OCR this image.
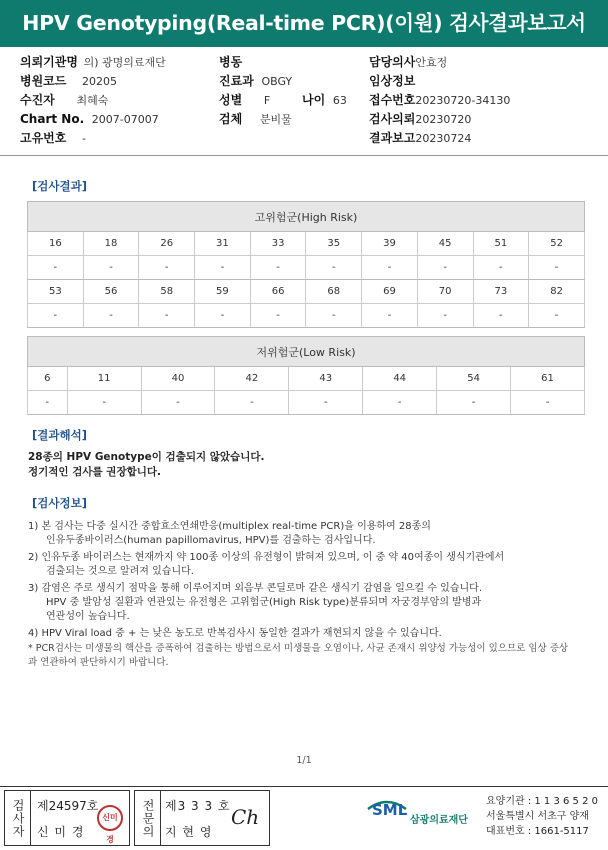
HPV Genotyping(Real-time PCR)(이원) 검사결과보고서
의뢰기관명 의) 광명의료재단
병원코드 20205
수진자 최혜숙
Chart No. 2007-07007
고유번호 -
병동
진료과 OBGY
성별 F	나이 63
검체 분비물
담당의사안효정
임상정보
접수번호20230720-34130
검사의뢰20230720
결과보고20230724
[검사결과]
고위험군(High Risk)									
16	18	26	31	33	35	39	45	51	52
-	-	-	-	-	-	-	-	-	-
53	56	58	59	66	68	69	70	73	82
-	-	-	-	-	-	-	-	-	-
저위험군(Low Risk)							
6	11	40	42	43	44	54	61
-	-	-	-	-	-	-	-
[결과해석]
28종의 HPV Genotype이 검출되지 않았습니다.
정기적인 검사를 권장합니다.
[검사정보]

1) 본 검사는 다중 실시간 중합효소연쇄반응(multiplex real-time PCR)을 이용하여 28종의
인유두종바이러스(human papillomavirus, HPV)를 검출하는 검사입니다.

2) 인유두종 바이러스는 현재까지 약 100종 이상의 유전형이 밝혀져 있으며, 이 중 약 40여종이 생식기관에서
검출되는 것으로 알려져 있습니다.

3) 감염은 주로 생식기 점막을 통해 이루어지며 외음부 콘딜로마 같은 생식기 감염을 일으킬 수 있습니다.
HPV 중 발암성 질환과 연관있는 유전형은 고위험군(High Risk type)분류되며 자궁경부암의 발병과
연관성이 높습니다.

4) HPV Viral load 중 + 는 낮은 농도로 반복검사시 동일한 결과가 재현되지 않을 수 있습니다.

* PCR검사는 미생물의 핵산을 증폭하여 검출하는 방법으로서 미생물을 오염이나, 사균 존재시 위양성 가능성이 있으므로 임상 증상과 연관하여 판단하시기 바랍니다.
1/1
검사자	제24597호
신 미 경
신미경
전문의 제3 3 3 호
지 현 영
Ch	SML
삼광의료재단
요양기관 : 1 1 3 6 5 2 0
서울특별시 서초구 양재
대표번호 : 1661-5117
